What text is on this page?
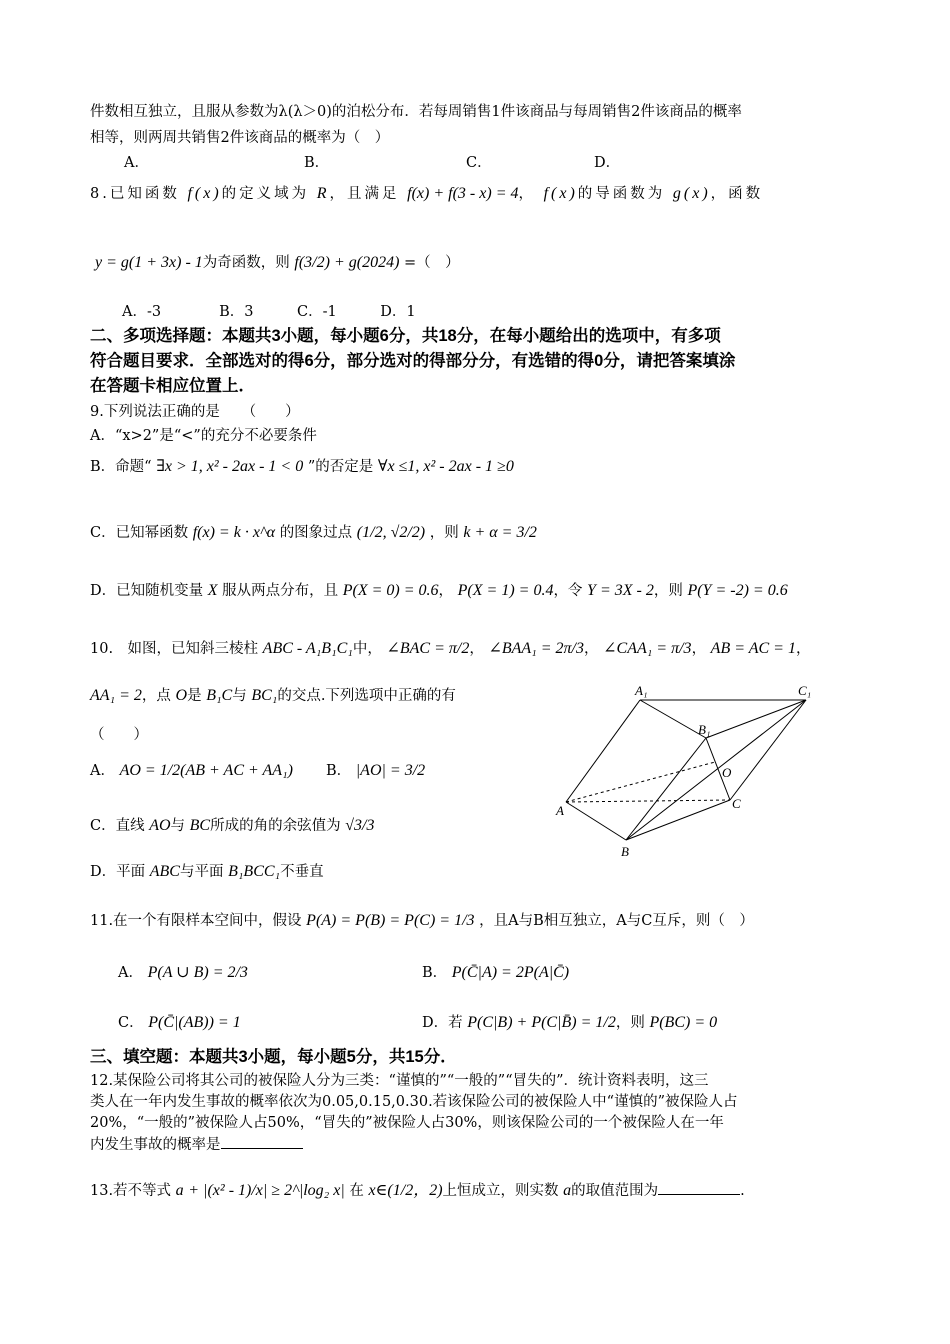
件数相互独立，且服从参数为λ(λ＞0)的泊松分布．若每周销售1件该商品与每周销售2件该商品的概率
相等，则两周共销售2件该商品的概率为（　）
A．	B．	C．	D．
8.已知函数 f(x)的定义域为 R，且满足 f(x) + f(3 - x) = 4， f(x)的导函数为 g(x)，函数
y = g(1 + 3x) - 1为奇函数，则 f(3/2) + g(2024) =（　）
A．-3　　　　B．3　　　C．-1　　　D．1
二、多项选择题：本题共3小题，每小题6分，共18分，在每小题给出的选项中，有多项
符合题目要求．全部选对的得6分，部分选对的得部分分，有选错的得0分，请把答案填涂
在答题卡相应位置上．
9.下列说法正确的是　　（　　）
A．“x>2”是“<”的充分不必要条件
B．命题“ ∃x > 1, x² - 2ax - 1 < 0 ”的否定是 ∀x ≤1, x² - 2ax - 1 ≥0
C．已知幂函数 f(x) = k · x^α 的图象过点 (1/2, √2/2) ，则 k + α = 3/2
D．已知随机变量 X 服从两点分布，且 P(X = 0) = 0.6， P(X = 1) = 0.4，令 Y = 3X - 2，则 P(Y = -2) = 0.6
10.　如图，已知斜三棱柱 ABC - A₁B₁C₁中， ∠BAC = π/2， ∠BAA₁ = 2π/3， ∠CAA₁ = π/3， AB = AC = 1，
AA₁ = 2，点 O是 B₁C与 BC₁的交点.下列选项中正确的有
（　　）
A． AO = 1/2(AB + AC + AA₁) B． |AO| = 3/2
C．直线 AO与 BC所成的角的余弦值为 √3/3
D．平面 ABC与平面 B₁BCC₁不垂直
A₁	C₁
B₁
O
A	C
B
11.在一个有限样本空间中，假设 P(A) = P(B) = P(C) = 1/3 ，且A与B相互独立，A与C互斥，则（　）
A． P(A ∪ B) = 2/3	B． P(C̄|A) = 2P(A|C̄)
C． P(C̄|(AB)) = 1	D．若 P(C|B) + P(C|B̄) = 1/2，则 P(BC) = 0
三、填空题：本题共3小题，每小题5分，共15分．
12.某保险公司将其公司的被保险人分为三类：“谨慎的”“一般的”“冒失的”．统计资料表明，这三
类人在一年内发生事故的概率依次为0.05,0.15,0.30.若该保险公司的被保险人中“谨慎的”被保险人占
20%，“一般的”被保险人占50%，“冒失的”被保险人占30%，则该保险公司的一个被保险人在一年
内发生事故的概率是
13.若不等式 a + |(x² - 1)/x| ≥ 2^|log₂ x| 在 x∈(1/2，2)上恒成立，则实数 a的取值范围为	.
